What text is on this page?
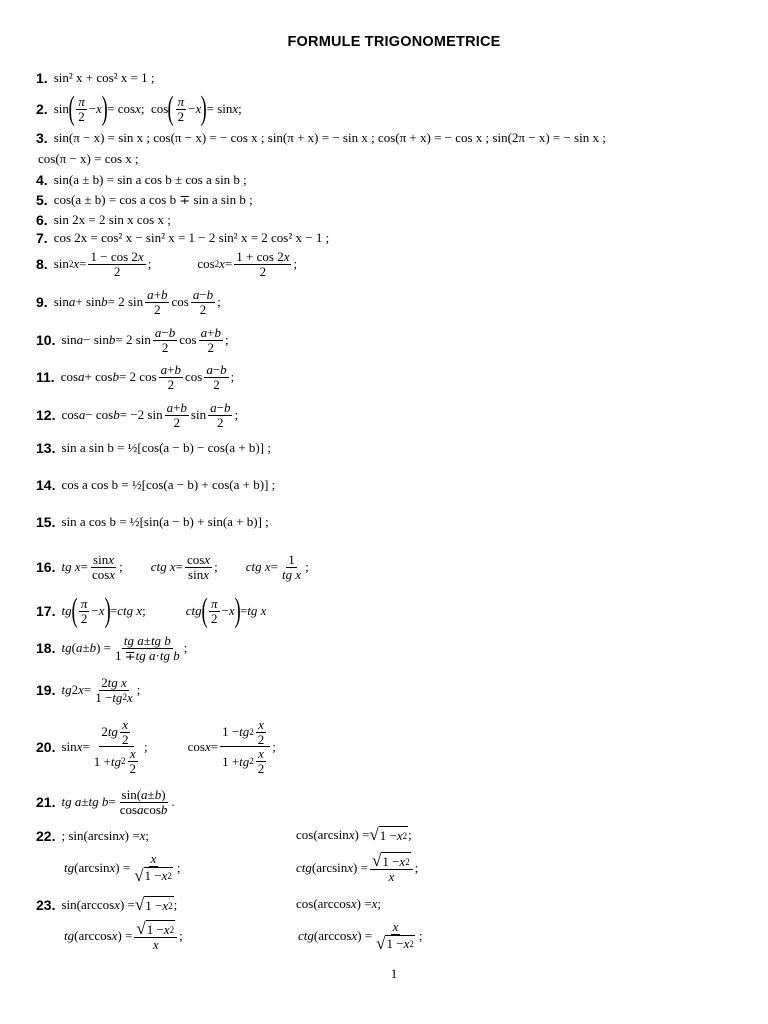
FORMULE TRIGONOMETRICE
1. sin² x + cos² x = 1 ;
2. sin ( $\frac{\pi}{2} - x$ ) = cos x ;  cos ( $\frac{\pi}{2} - x$ ) = sin x ;
3. sin(π − x) = sin x ; cos(π − x) = − cos x ; sin(π + x) = − sin x ; cos(π + x) = − cos x ; sin(2π − x) = − sin x ;
cos(π − x) = cos x ;
4. sin(a ± b) = sin a cos b ± cos a sin b ;
5. cos(a ± b) = cos a cos b ∓ sin a sin b ;
6. sin 2x = 2 sin x cos x ;
7. cos 2x = cos² x − sin² x = 1 − 2 sin² x = 2 cos² x − 1 ;
8. sin 2 $x = \frac{1 - \cos 2 x}{2}$ ;	cos 2 $x = \frac{1 + \cos 2 x}{2}$ ;
9. sin a + sin b = 2 $\sin \frac{a + b}{2}$ $\cos \frac{a - b}{2}$ ;
10. sin a − sin b = 2 $\sin \frac{a - b}{2}$ $\cos \frac{a + b}{2}$ ;
11. cos a + cos b = 2 $\cos \frac{a + b}{2}$ $\cos \frac{a - b}{2}$ ;
12. cos a − cos b = −2 $\sin \frac{a + b}{2}$ $\sin \frac{a - b}{2}$ ;
13. sin a sin b = ½[cos(a − b) − cos(a + b)] ;
14. cos a cos b = ½[cos(a − b) + cos(a + b)] ;
15. sin a cos b = ½[sin(a − b) + sin(a + b)] ;
16. tg $x = \frac{\text{sin x}}{\text{cos x}}$ ; ctg $x = \frac{\text{cos x}}{\text{sin x}}$ ; ctg $x = \frac{1}{\text{tg x}}$ ;
17. tg ( $\frac{\pi}{2} - x$ ) = ctg x ;	ctg ( $\frac{\pi}{2} - x$ ) = tg x
18. tg ( a ± b ) = $\frac{\text{tg a ± tg b}}{\text{1 ∓ tg a · tg b}}$ ;
19. tg 2 $x = \frac{\text{2 tg x}}{1 - tg 2 x}$ ;
20. $\sin x = \frac{2 tg \frac{x}{2}}{1 + tg 2 \frac{x}{2}}$ ;	$\cos x = \frac{1 - tg 2 \frac{x}{2}}{1 + tg 2 \frac{x}{2}}$ ;
21. tg a ± tg $b = \frac{\sin( a \pm b )}{\text{cos a cos b}}$ .
22. ; sin(arcsin x ) = x ;	cos(arcsin x ) = √ 1 − x 2 ;
tg (arcsin x ) = $\frac{x}{√ 1 - x 2}$ ;	ctg (arcsin x ) = $\frac{√ 1 - x 2}{x}$ ;
23. sin(arccos x ) = √ 1 − x 2 ;	cos(arccos x ) = x ;
tg (arccos x ) = $\frac{√ 1 - x 2}{x}$ ;	ctg (arccos x ) = $\frac{x}{√ 1 - x 2}$ ;
1
